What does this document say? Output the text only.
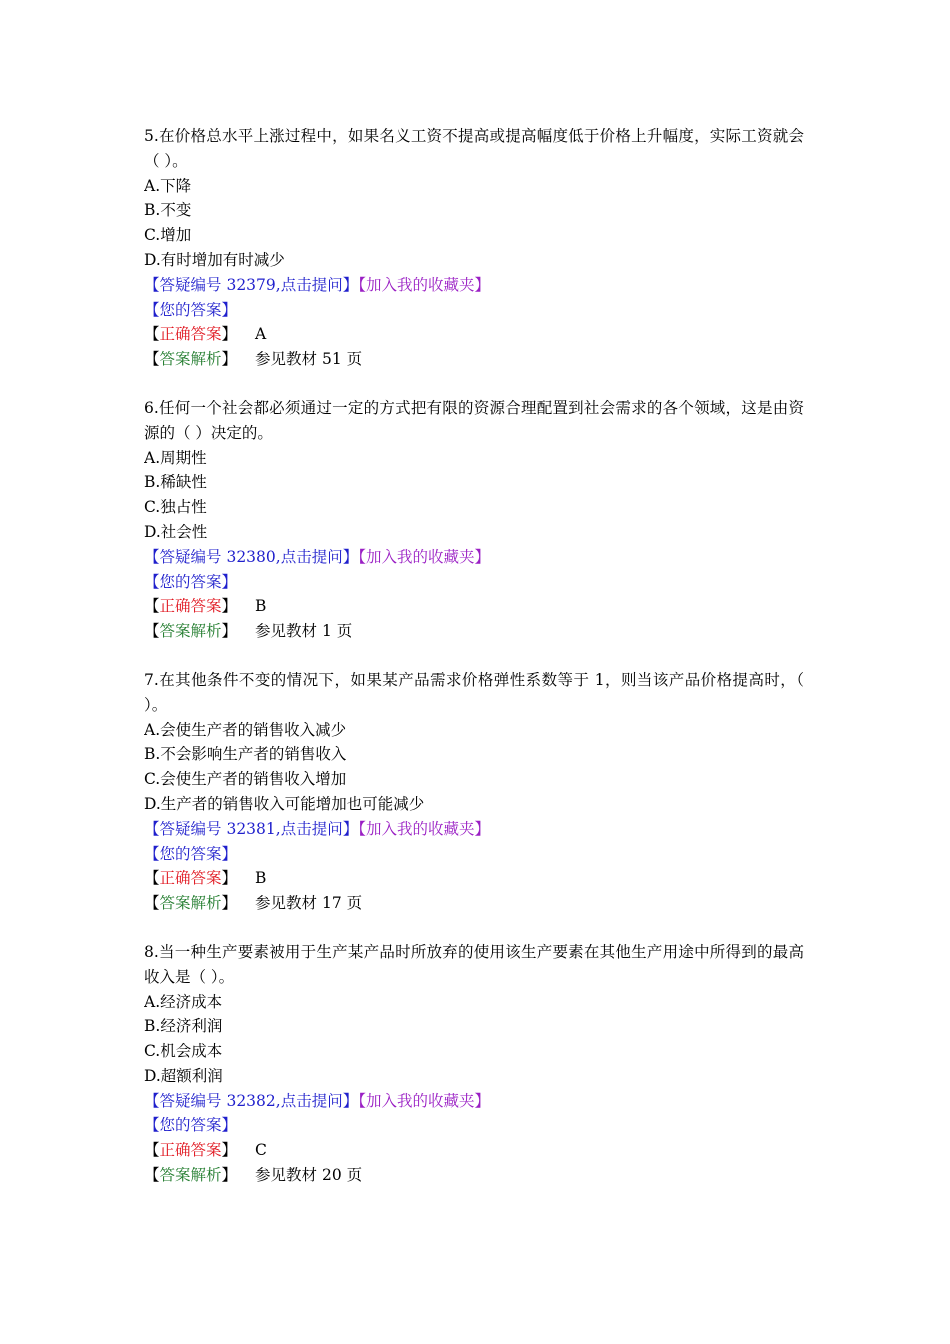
5.在价格总水平上涨过程中，如果名义工资不提高或提高幅度低于价格上升幅度，实际工资就会（ ）。
A.下降
B.不变
C.增加
D.有时增加有时减少
【答疑编号 32379,点击提问】【加入我的收藏夹】
【您的答案】
【正确答案】 A
【答案解析】 参见教材 51 页
6.任何一个社会都必须通过一定的方式把有限的资源合理配置到社会需求的各个领域，这是由资源的（ ）决定的。
A.周期性
B.稀缺性
C.独占性
D.社会性
【答疑编号 32380,点击提问】【加入我的收藏夹】
【您的答案】
【正确答案】 B
【答案解析】 参见教材 1 页
7.在其他条件不变的情况下，如果某产品需求价格弹性系数等于 1，则当该产品价格提高时，（ ）。
A.会使生产者的销售收入减少
B.不会影响生产者的销售收入
C.会使生产者的销售收入增加
D.生产者的销售收入可能增加也可能减少
【答疑编号 32381,点击提问】【加入我的收藏夹】
【您的答案】
【正确答案】 B
【答案解析】 参见教材 17 页
8.当一种生产要素被用于生产某产品时所放弃的使用该生产要素在其他生产用途中所得到的最高收入是（ ）。
A.经济成本
B.经济利润
C.机会成本
D.超额利润
【答疑编号 32382,点击提问】【加入我的收藏夹】
【您的答案】
【正确答案】 C
【答案解析】 参见教材 20 页
